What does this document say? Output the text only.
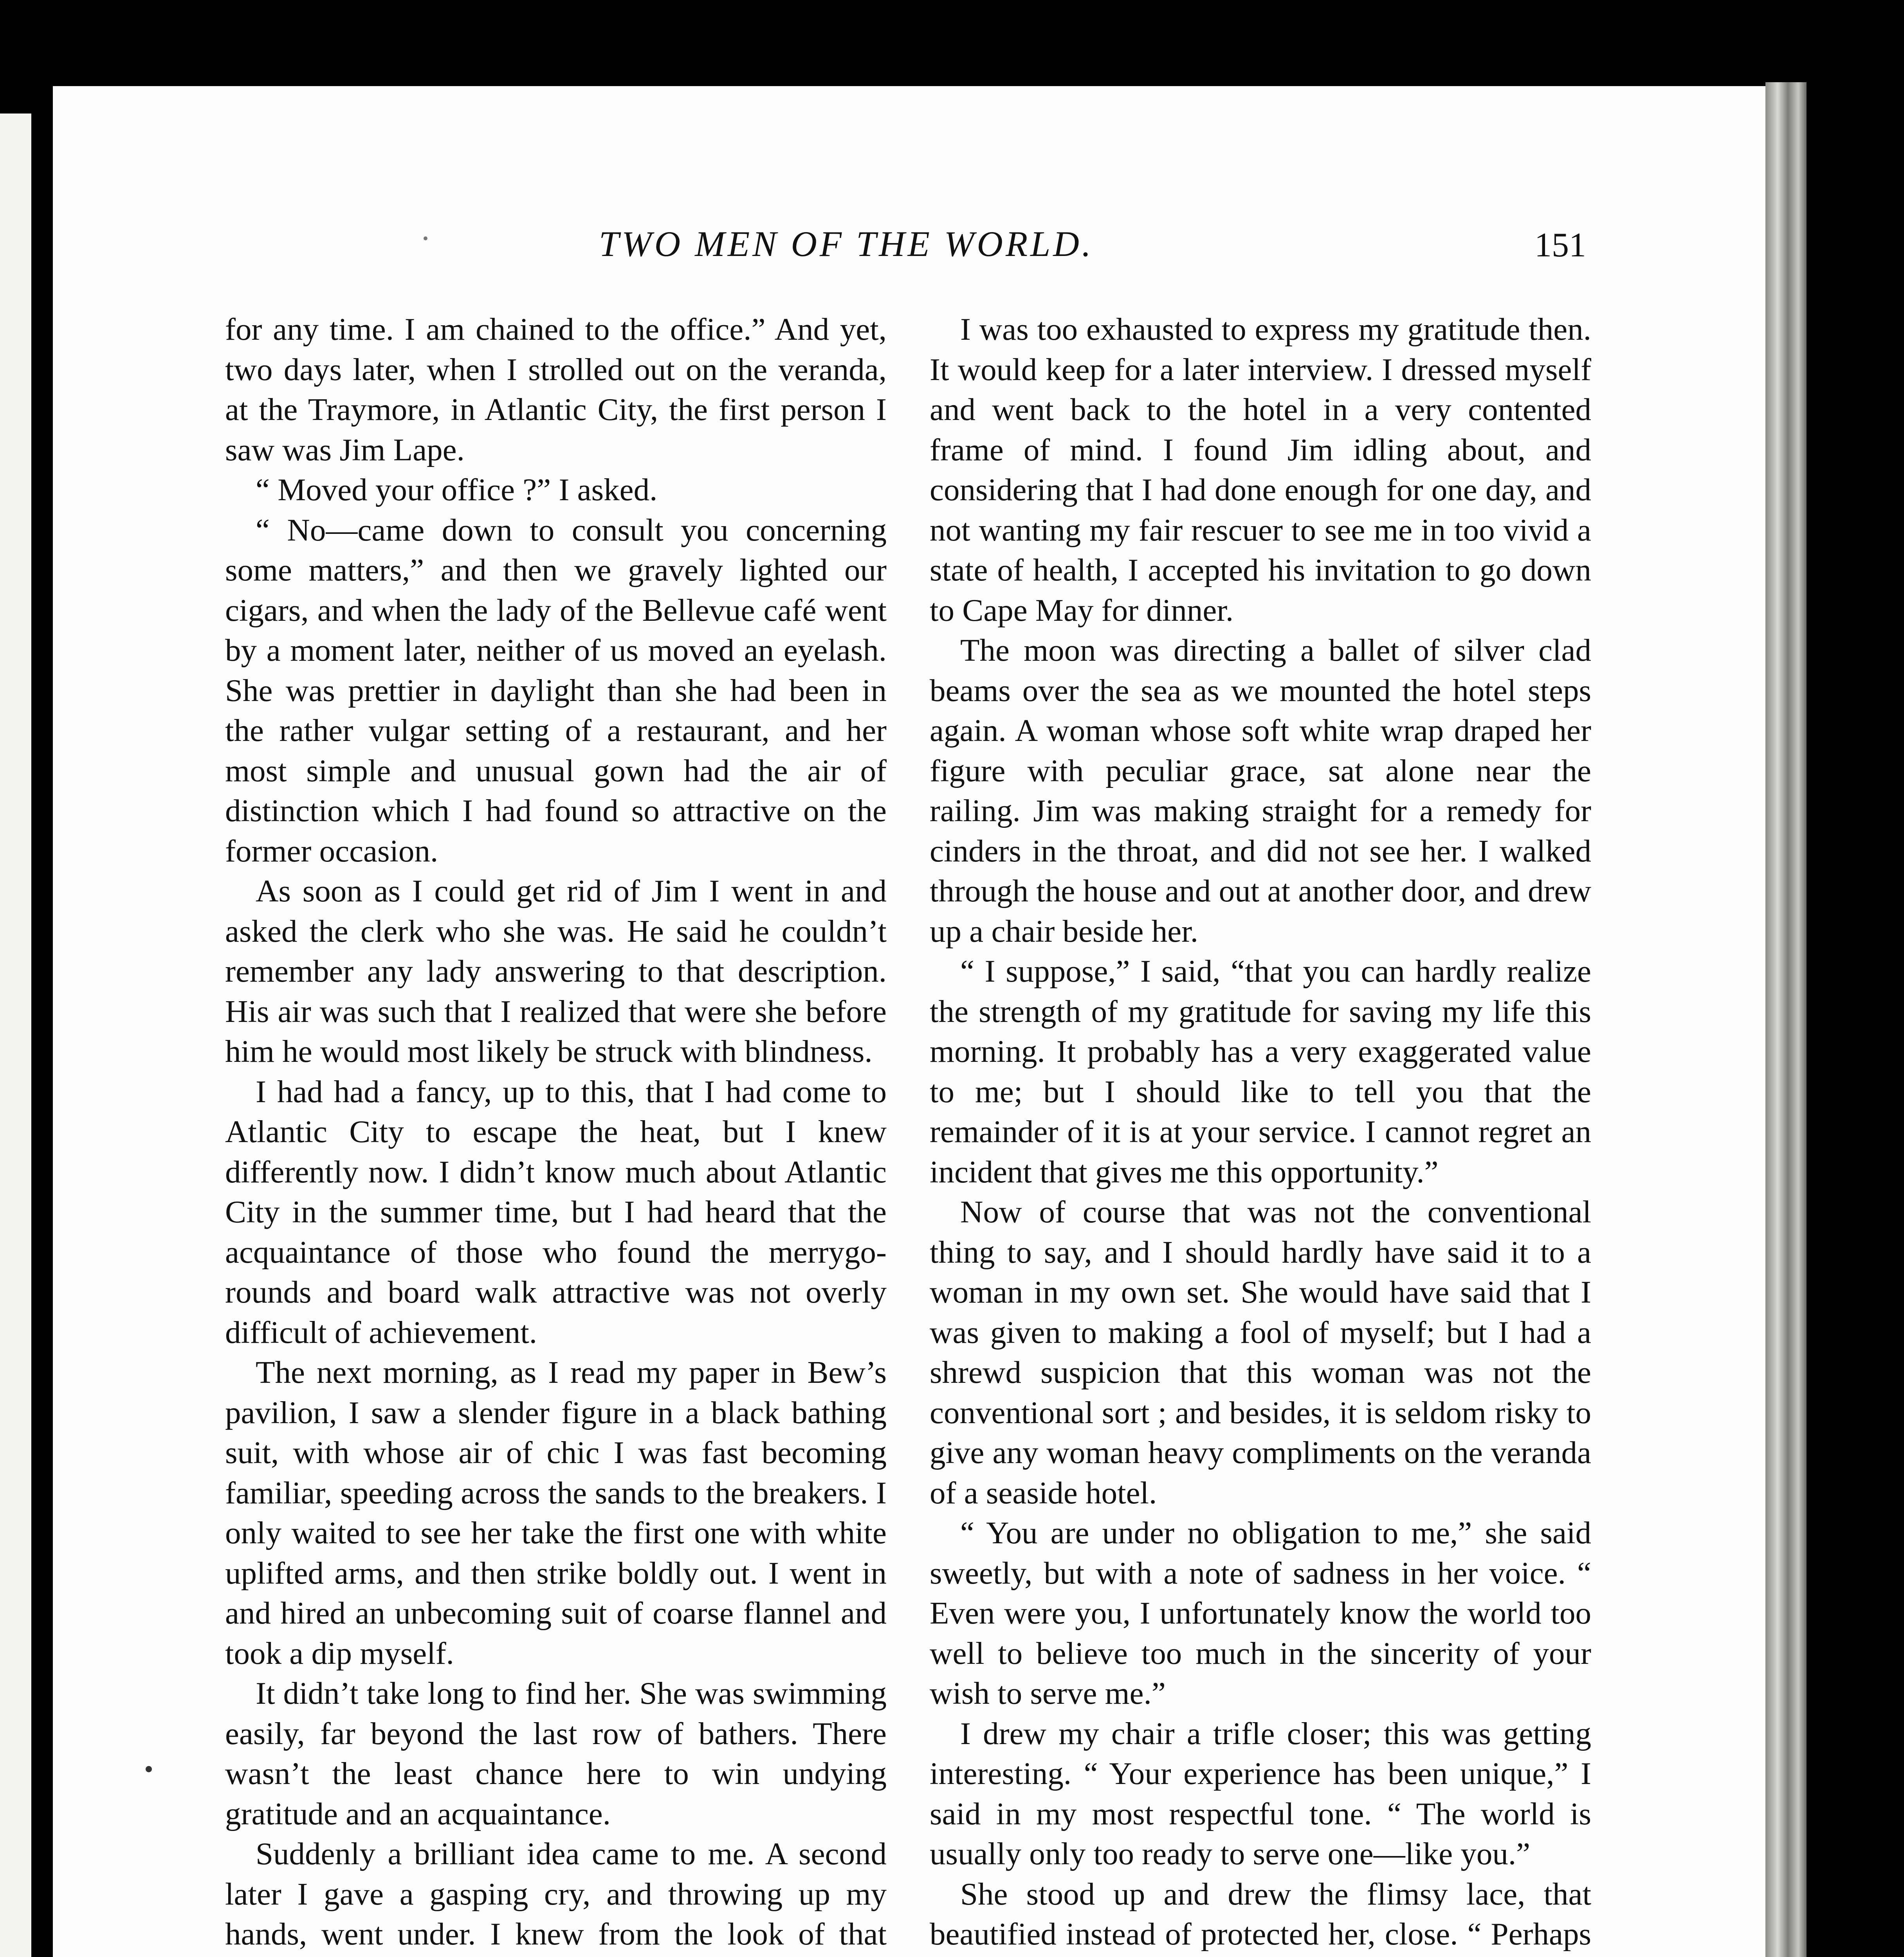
TWO MEN OF THE WORLD.	151

for any time. I am chained to the office.” And yet, two days later, when I strolled out on the veranda, at the Traymore, in Atlantic City, the first person I saw was Jim Lape.

“ Moved your office ?” I asked.

“ No—came down to consult you concerning some matters,” and then we gravely lighted our cigars, and when the lady of the Bellevue café went by a moment later, neither of us moved an eyelash. She was prettier in daylight than she had been in the rather vulgar setting of a restaurant, and her most simple and unusual gown had the air of distinction which I had found so attractive on the former occasion.

As soon as I could get rid of Jim I went in and asked the clerk who she was. He said he couldn’t remember any lady answering to that description. His air was such that I realized that were she before him he would most likely be struck with blindness.

I had had a fancy, up to this, that I had come to Atlantic City to escape the heat, but I knew differently now. I didn’t know much about Atlantic City in the summer time, but I had heard that the acquaintance of those who found the merrygo-rounds and board walk attractive was not overly difficult of achievement.

The next morning, as I read my paper in Bew’s pavilion, I saw a slender figure in a black bathing suit, with whose air of chic I was fast becoming familiar, speeding across the sands to the breakers. I only waited to see her take the first one with white uplifted arms, and then strike boldly out. I went in and hired an unbecoming suit of coarse flannel and took a dip myself.

It didn’t take long to find her. She was swimming easily, far beyond the last row of bathers. There wasn’t the least chance here to win undying gratitude and an acquaintance.

Suddenly a brilliant idea came to me. A second later I gave a gasping cry, and throwing up my hands, went under. I knew from the look of that

I was too exhausted to express my gratitude then. It would keep for a later interview. I dressed myself and went back to the hotel in a very contented frame of mind. I found Jim idling about, and considering that I had done enough for one day, and not wanting my fair rescuer to see me in too vivid a state of health, I accepted his invitation to go down to Cape May for dinner.

The moon was directing a ballet of silver clad beams over the sea as we mounted the hotel steps again. A woman whose soft white wrap draped her figure with peculiar grace, sat alone near the railing. Jim was making straight for a remedy for cinders in the throat, and did not see her. I walked through the house and out at another door, and drew up a chair beside her.

“ I suppose,” I said, “that you can hardly realize the strength of my gratitude for saving my life this morning. It probably has a very exaggerated value to me; but I should like to tell you that the remainder of it is at your service. I cannot regret an incident that gives me this opportunity.”

Now of course that was not the conventional thing to say, and I should hardly have said it to a woman in my own set. She would have said that I was given to making a fool of myself; but I had a shrewd suspicion that this woman was not the conventional sort ; and besides, it is seldom risky to give any woman heavy compliments on the veranda of a seaside hotel.

“ You are under no obligation to me,” she said sweetly, but with a note of sadness in her voice. “ Even were you, I unfortunately know the world too well to believe too much in the sincerity of your wish to serve me.”

I drew my chair a trifle closer; this was getting interesting. “ Your experience has been unique,” I said in my most respectful tone. “ The world is usually only too ready to serve one—like you.”

She stood up and drew the flimsy lace, that beautified instead of protected her, close. “ Perhaps
